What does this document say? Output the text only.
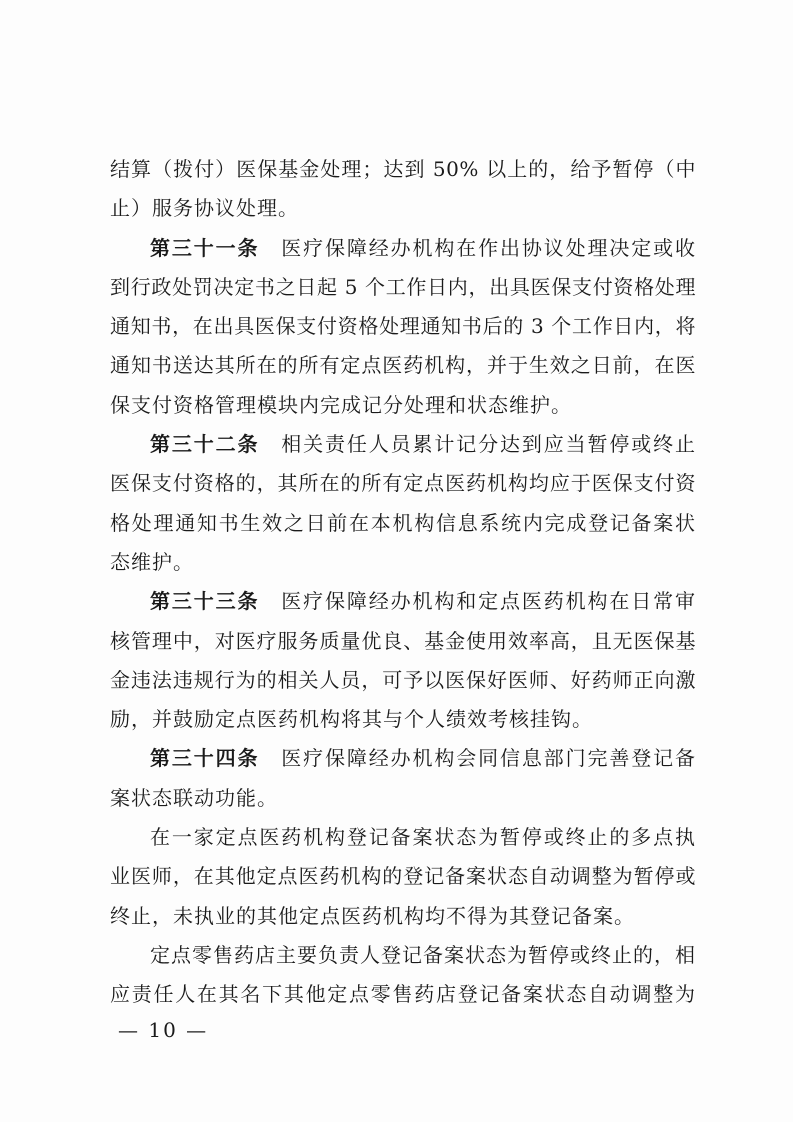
结算（拨付）医保基金处理；达到 50% 以上的，给予暂停（中
止）服务协议处理。
第三十一条　 医疗保障经办机构在作出协议处理决定或收
到行政处罚决定书之日起 5 个工作日内，出具医保支付资格处理
通知书，在出具医保支付资格处理通知书后的 3 个工作日内，将
通知书送达其所在的所有定点医药机构，并于生效之日前，在医
保支付资格管理模块内完成记分处理和状态维护。
第三十二条　 相关责任人员累计记分达到应当暂停或终止
医保支付资格的，其所在的所有定点医药机构均应于医保支付资
格处理通知书生效之日前在本机构信息系统内完成登记备案状
态维护。
第三十三条　 医疗保障经办机构和定点医药机构在日常审
核管理中，对医疗服务质量优良、基金使用效率高，且无医保基
金违法违规行为的相关人员，可予以医保好医师、好药师正向激
励，并鼓励定点医药机构将其与个人绩效考核挂钩。
第三十四条　 医疗保障经办机构会同信息部门完善登记备
案状态联动功能。
在一家定点医药机构登记备案状态为暂停或终止的多点执
业医师，在其他定点医药机构的登记备案状态自动调整为暂停或
终止，未执业的其他定点医药机构均不得为其登记备案。
定点零售药店主要负责人登记备案状态为暂停或终止的，相
应责任人在其名下其他定点零售药店登记备案状态自动调整为
— 10 —
